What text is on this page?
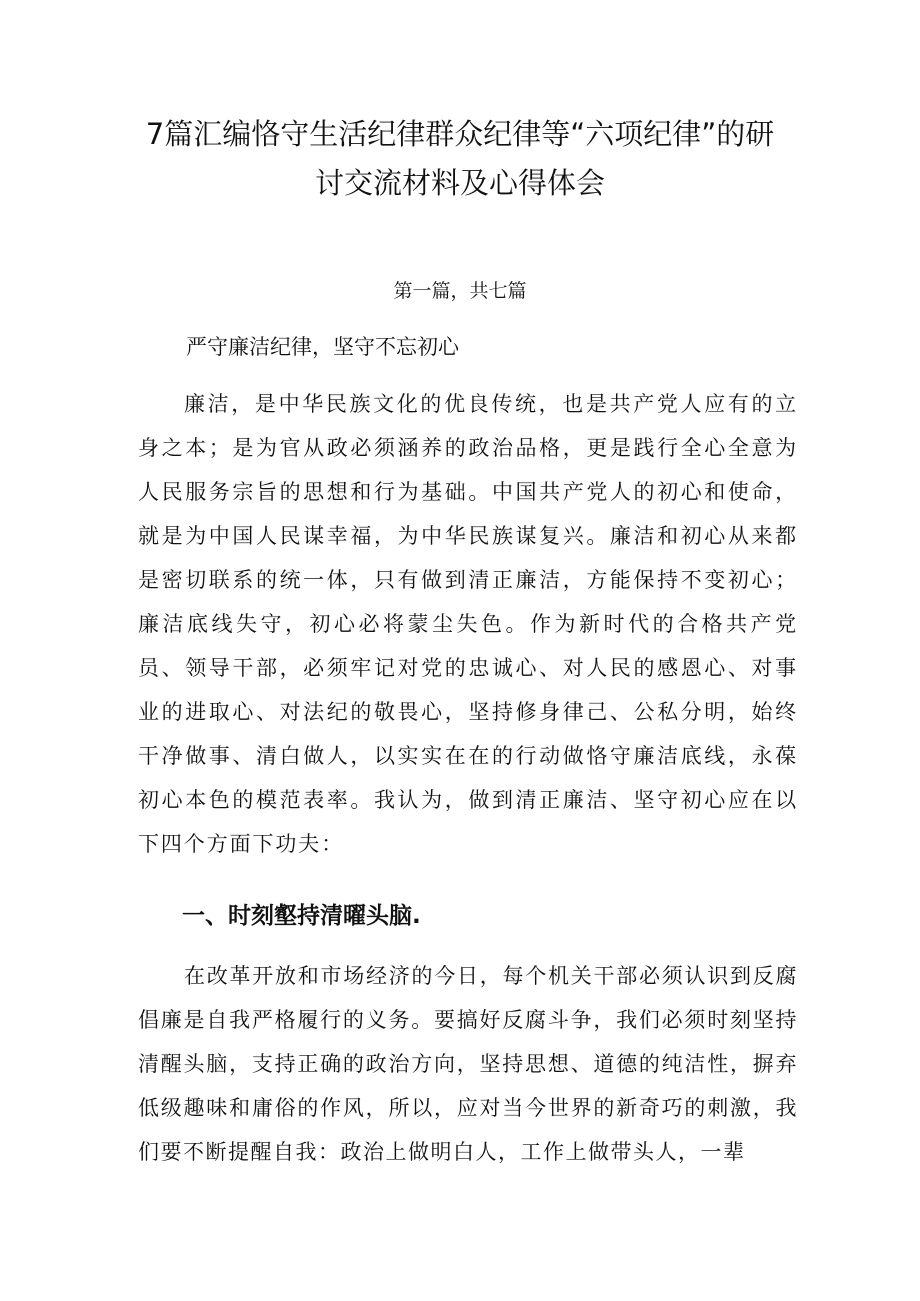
7篇汇编恪守生活纪律群众纪律等“六项纪律”的研
讨交流材料及心得体会

第一篇，共七篇

严守廉洁纪律，坚守不忘初心

廉洁，是中华民族文化的优良传统，也是共产党人应有的立身之本；是为官从政必须涵养的政治品格，更是践行全心全意为人民服务宗旨的思想和行为基础。中国共产党人的初心和使命，就是为中国人民谋幸福，为中华民族谋复兴。廉洁和初心从来都是密切联系的统一体，只有做到清正廉洁，方能保持不变初心；廉洁底线失守，初心必将蒙尘失色。作为新时代的合格共产党员、领导干部，必须牢记对党的忠诚心、对人民的感恩心、对事业的进取心、对法纪的敬畏心，坚持修身律己、公私分明，始终干净做事、清白做人，以实实在在的行动做恪守廉洁底线，永葆初心本色的模范表率。我认为，做到清正廉洁、坚守初心应在以下四个方面下功夫：

一、时刻壑持清曜头脑.

在改革开放和市场经济的今日，每个机关干部必须认识到反腐倡廉是自我严格履行的义务。要搞好反腐斗争，我们必须时刻坚持清醒头脑，支持正确的政治方向，坚持思想、道德的纯洁性，摒弃低级趣味和庸俗的作风，所以，应对当今世界的新奇巧的刺激，我们要不断提醒自我：政治上做明白人，工作上做带头人，一辈
